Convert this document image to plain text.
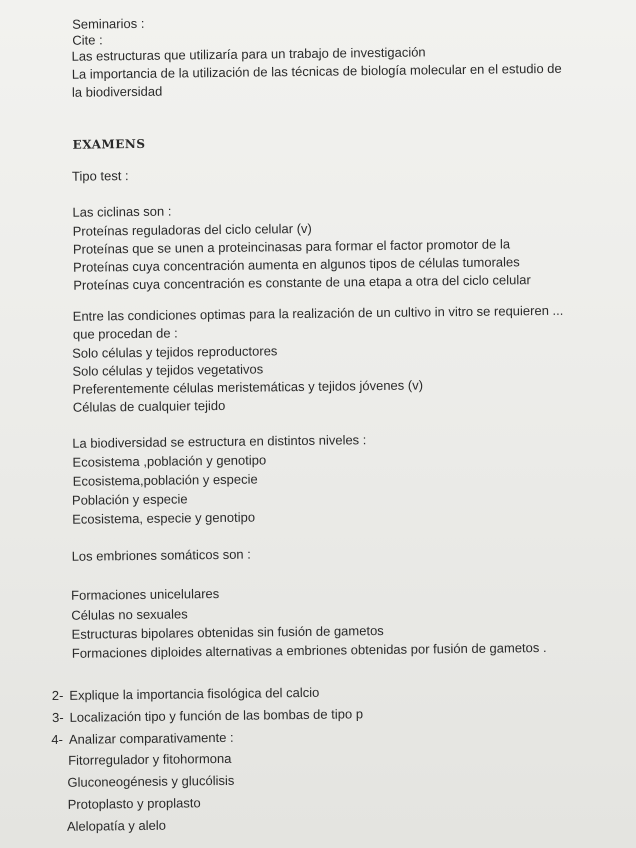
Seminarios :
Cite :
Las estructuras que utilizaría para un trabajo de investigación
La importancia de la utilización de las técnicas de biología molecular en el estudio de
la biodiversidad
EXAMENS
Tipo test :
Las ciclinas son :
Proteínas reguladoras del ciclo celular (v)
Proteínas que se unen a proteincinasas para formar el factor promotor de la
Proteínas cuya concentración aumenta en algunos tipos de células tumorales
Proteínas cuya concentración es constante de una etapa a otra del ciclo celular
Entre las condiciones optimas para la realización de un cultivo in vitro se requieren ...
que procedan de :
Solo células y tejidos reproductores
Solo células y tejidos vegetativos
Preferentemente células meristemáticas y tejidos jóvenes (v)
Células de cualquier tejido
La biodiversidad se estructura en distintos niveles :
Ecosistema ,población y genotipo
Ecosistema,población y especie
Población y especie
Ecosistema, especie y genotipo
Los embriones somáticos son :
Formaciones unicelulares
Células no sexuales
Estructuras bipolares obtenidas sin fusión de gametos
Formaciones diploides alternativas a embriones obtenidas por fusión de gametos .
2- Explique la importancia fisológica del calcio
3- Localización tipo y función de las bombas de tipo p
4- Analizar comparativamente :
Fitorregulador y fitohormona
Gluconeogénesis y glucólisis
Protoplasto y proplasto
Alelopatía y alelo
